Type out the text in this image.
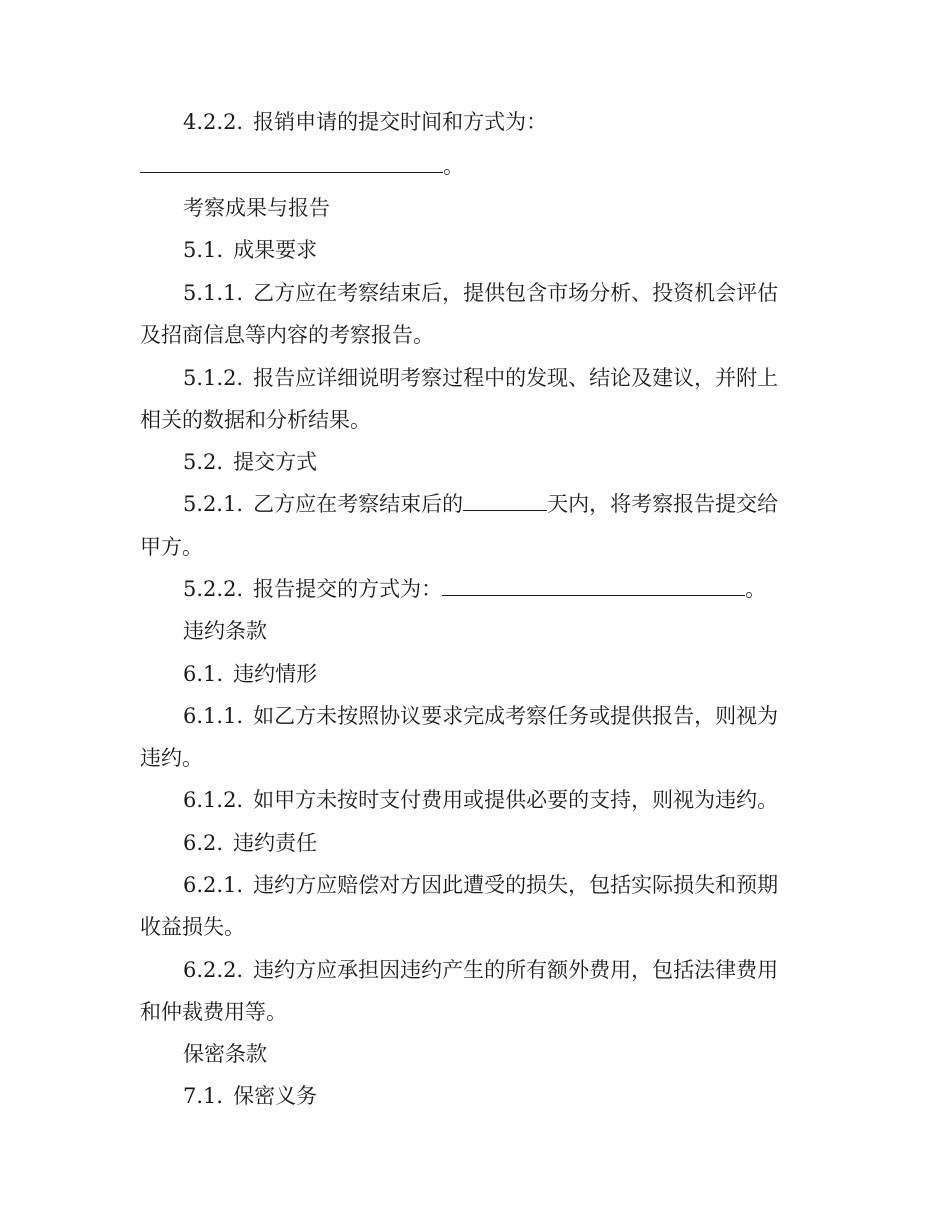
4.2.2. 报销申请的提交时间和方式为：
。
考察成果与报告
5.1. 成果要求
5.1.1. 乙方应在考察结束后，提供包含市场分析、投资机会评估
及招商信息等内容的考察报告。
5.1.2. 报告应详细说明考察过程中的发现、结论及建议，并附上
相关的数据和分析结果。
5.2. 提交方式
5.2.1. 乙方应在考察结束后的	天内，将考察报告提交给
甲方。
5.2.2. 报告提交的方式为：	。
违约条款
6.1. 违约情形
6.1.1. 如乙方未按照协议要求完成考察任务或提供报告，则视为
违约。
6.1.2. 如甲方未按时支付费用或提供必要的支持，则视为违约。
6.2. 违约责任
6.2.1. 违约方应赔偿对方因此遭受的损失，包括实际损失和预期
收益损失。
6.2.2. 违约方应承担因违约产生的所有额外费用，包括法律费用
和仲裁费用等。
保密条款
7.1. 保密义务
